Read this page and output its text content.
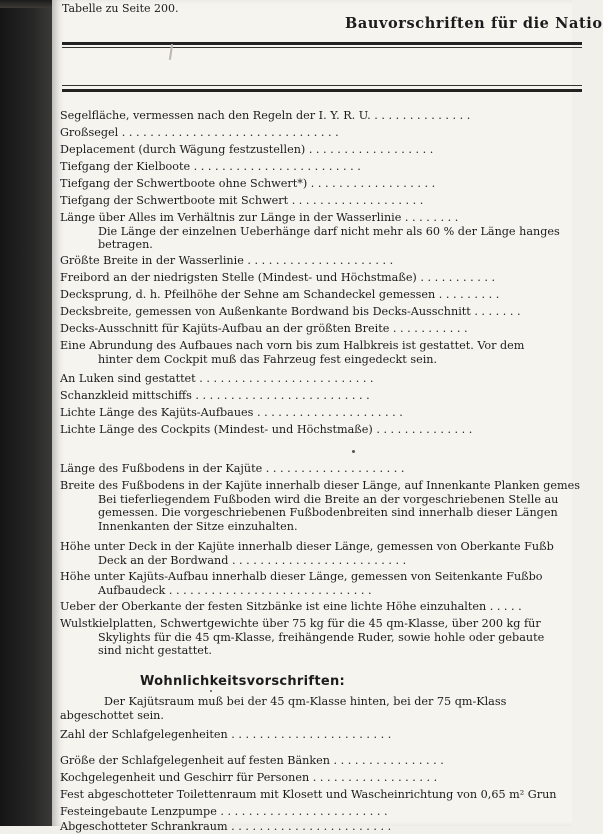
Tabelle zu Seite 200.
Bauvorschriften für die Natio
Segelfläche, vermessen nach den Regeln der I. Y. R. U. . . . . . . . . . . . . . .
Großsegel . . . . . . . . . . . . . . . . . . . . . . . . . . . . . . .
Deplacement (durch Wägung festzustellen) . . . . . . . . . . . . . . . . . .
Tiefgang der Kielboote . . . . . . . . . . . . . . . . . . . . . . . .
Tiefgang der Schwertboote ohne Schwert*) . . . . . . . . . . . . . . . . . .
Tiefgang der Schwertboote mit Schwert . . . . . . . . . . . . . . . . . . .
Länge über Alles im Verhältnis zur Länge in der Wasserlinie . . . . . . . .
Die Länge der einzelnen Ueberhänge darf nicht mehr als 60 % der Länge hanges betragen.
Größte Breite in der Wasserlinie . . . . . . . . . . . . . . . . . . . . .
Freibord an der niedrigsten Stelle (Mindest- und Höchstmaße) . . . . . . . . . . .
Decksprung, d. h. Pfeilhöhe der Sehne am Schandeckel gemessen . . . . . . . . .
Decksbreite, gemessen von Außenkante Bordwand bis Decks-Ausschnitt . . . . . . .
Decks-Ausschnitt für Kajüts-Aufbau an der größten Breite . . . . . . . . . . .
Eine Abrundung des Aufbaues nach vorn bis zum Halbkreis ist gestattet. Vor dem
hinter dem Cockpit muß das Fahrzeug fest eingedeckt sein.
An Luken sind gestattet . . . . . . . . . . . . . . . . . . . . . . . . .
Schanzkleid mittschiffs . . . . . . . . . . . . . . . . . . . . . . . . .
Lichte Länge des Kajüts-Aufbaues . . . . . . . . . . . . . . . . . . . . .
Lichte Länge des Cockpits (Mindest- und Höchstmaße) . . . . . . . . . . . . . .
Länge des Fußbodens in der Kajüte . . . . . . . . . . . . . . . . . . . .
Breite des Fußbodens in der Kajüte innerhalb dieser Länge, auf Innenkante Planken gemes
Bei tieferliegendem Fußboden wird die Breite an der vorgeschriebenen Stelle au gemessen. Die vorgeschriebenen Fußbodenbreiten sind innerhalb dieser Längen Innenkanten der Sitze einzuhalten.
Höhe unter Deck in der Kajüte innerhalb dieser Länge, gemessen von Oberkante Fußb
Deck an der Bordwand . . . . . . . . . . . . . . . . . . . . . . . . .
Höhe unter Kajüts-Aufbau innerhalb dieser Länge, gemessen von Seitenkante Fußbo
Aufbaudeck . . . . . . . . . . . . . . . . . . . . . . . . . . . . .
Ueber der Oberkante der festen Sitzbänke ist eine lichte Höhe einzuhalten . . . . .
Wulstkielplatten, Schwertgewichte über 75 kg für die 45 qm-Klasse, über 200 kg für
Skylights für die 45 qm-Klasse, freihängende Ruder, sowie hohle oder gebaute sind nicht gestattet.
Wohnlichkeitsvorschriften:
Der Kajütsraum muß bei der 45 qm-Klasse hinten, bei der 75 qm-Klass abgeschottet sein.
Zahl der Schlafgelegenheiten . . . . . . . . . . . . . . . . . . . . . . .
Größe der Schlafgelegenheit auf festen Bänken . . . . . . . . . . . . . . . .
Kochgelegenheit und Geschirr für Personen . . . . . . . . . . . . . . . . . .
Fest abgeschotteter Toilettenraum mit Klosett und Wascheinrichtung von 0,65 m² Grun
Festeingebaute Lenzpumpe . . . . . . . . . . . . . . . . . . . . . . . .
Abgeschotteter Schrankraum . . . . . . . . . . . . . . . . . . . . . . .
